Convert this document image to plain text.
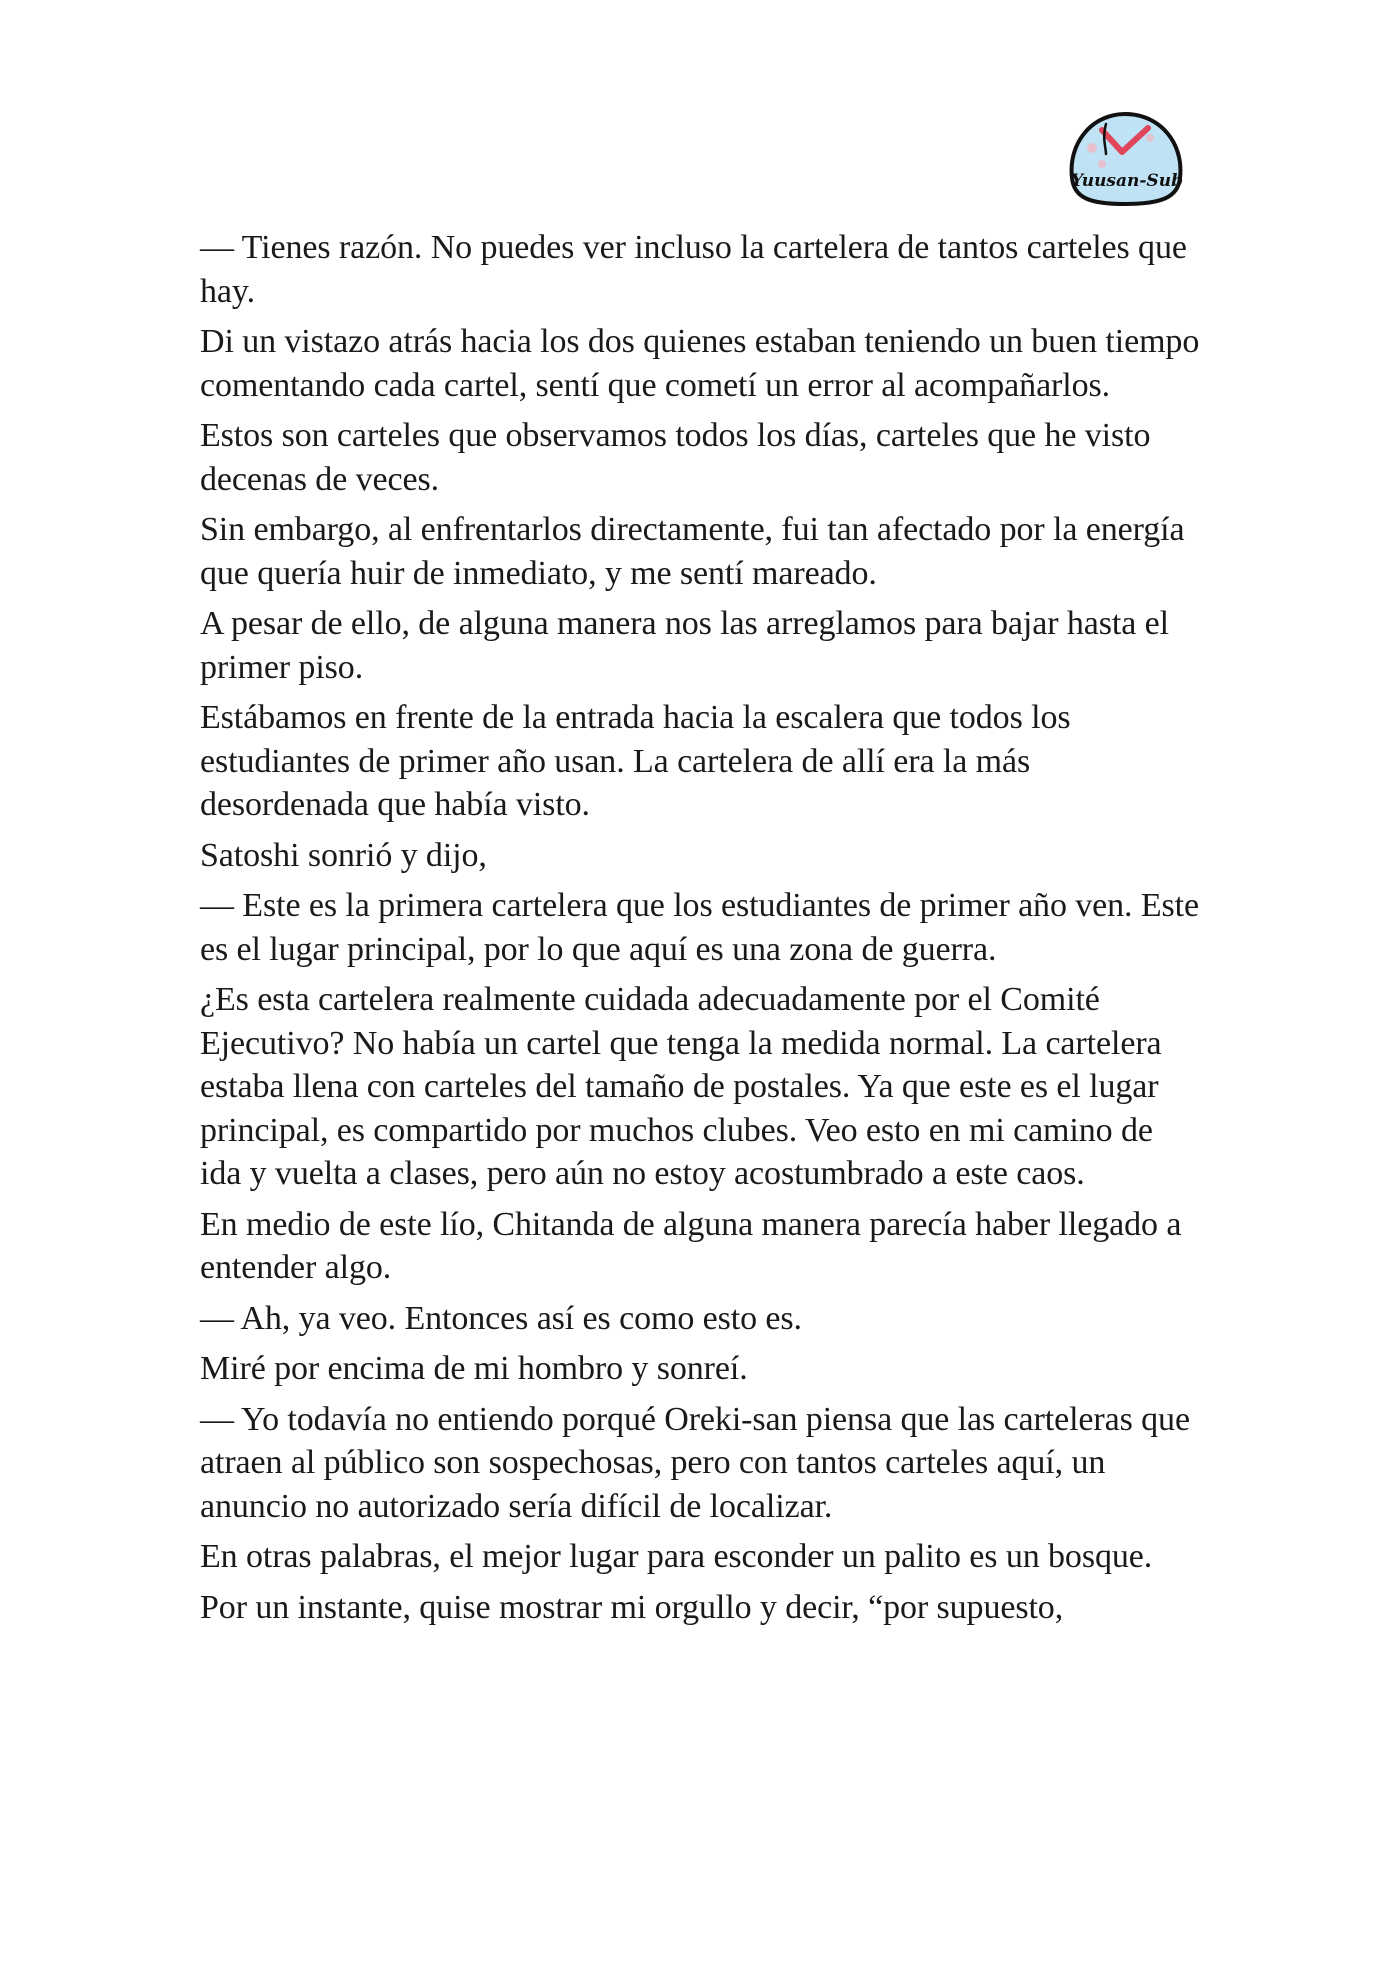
Yuusan-Sub

— Tienes razón. No puedes ver incluso la cartelera de tantos carteles que hay.

Di un vistazo atrás hacia los dos quienes estaban teniendo un buen tiempo comentando cada cartel, sentí que cometí un error al acompañarlos.

Estos son carteles que observamos todos los días, carteles que he visto decenas de veces.

Sin embargo, al enfrentarlos directamente, fui tan afectado por la energía que quería huir de inmediato, y me sentí mareado.

A pesar de ello, de alguna manera nos las arreglamos para bajar hasta el primer piso.

Estábamos en frente de la entrada hacia la escalera que todos los estudiantes de primer año usan. La cartelera de allí era la más desordenada que había visto.

Satoshi sonrió y dijo,

— Este es la primera cartelera que los estudiantes de primer año ven. Este es el lugar principal, por lo que aquí es una zona de guerra.

¿Es esta cartelera realmente cuidada adecuadamente por el Comité Ejecutivo? No había un cartel que tenga la medida normal. La cartelera estaba llena con carteles del tamaño de postales. Ya que este es el lugar principal, es compartido por muchos clubes. Veo esto en mi camino de ida y vuelta a clases, pero aún no estoy acostumbrado a este caos.

En medio de este lío, Chitanda de alguna manera parecía haber llegado a entender algo.

— Ah, ya veo. Entonces así es como esto es.

Miré por encima de mi hombro y sonreí.

— Yo todavía no entiendo porqué Oreki-san piensa que las carteleras que atraen al público son sospechosas, pero con tantos carteles aquí, un anuncio no autorizado sería difícil de localizar.

En otras palabras, el mejor lugar para esconder un palito es un bosque.

Por un instante, quise mostrar mi orgullo y decir, “por supuesto,
